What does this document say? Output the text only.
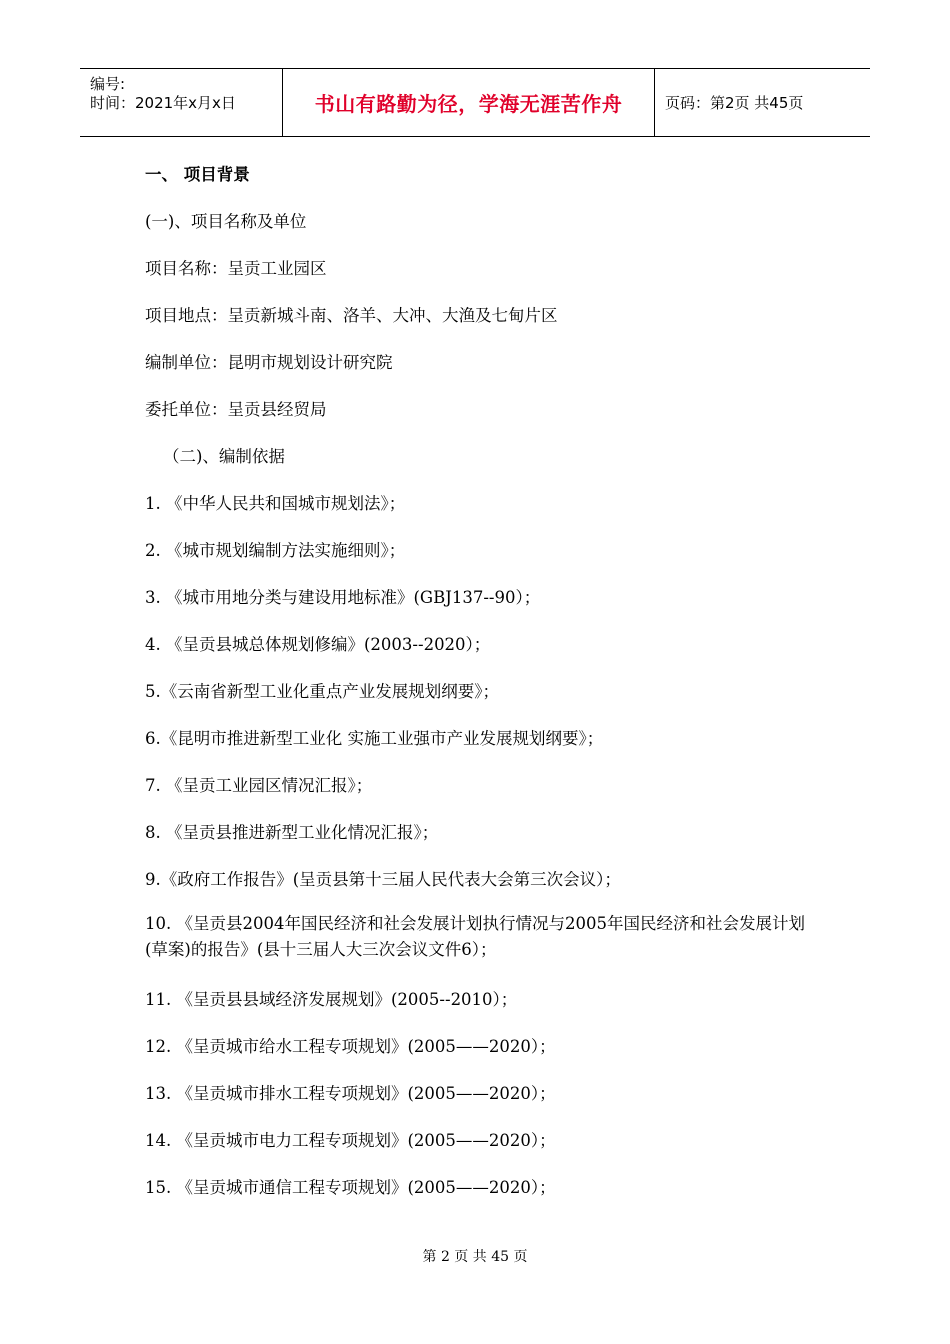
编号:
时间：2021年x月x日	书山有路勤为径，学海无涯苦作舟	页码：第2页 共45页
一、 项目背景
(一)、项目名称及单位
项目名称：呈贡工业园区
项目地点：呈贡新城斗南、洛羊、大冲、大渔及七甸片区
编制单位：昆明市规划设计研究院
委托单位：呈贡县经贸局
（二)、编制依据
1. 《中华人民共和国城市规划法》；
2. 《城市规划编制方法实施细则》；
3. 《城市用地分类与建设用地标准》(GBJ137--90）；
4. 《呈贡县城总体规划修编》(2003--2020）；
5.《云南省新型工业化重点产业发展规划纲要》；
6.《昆明市推进新型工业化 实施工业强市产业发展规划纲要》；
7. 《呈贡工业园区情况汇报》；
8. 《呈贡县推进新型工业化情况汇报》；
9.《政府工作报告》(呈贡县第十三届人民代表大会第三次会议）；
10. 《呈贡县2004年国民经济和社会发展计划执行情况与2005年国民经济和社会发展计划(草案)的报告》(县十三届人大三次会议文件6）；
11. 《呈贡县县域经济发展规划》(2005--2010）；
12. 《呈贡城市给水工程专项规划》(2005——2020）；
13. 《呈贡城市排水工程专项规划》(2005——2020）；
14. 《呈贡城市电力工程专项规划》(2005——2020）；
15. 《呈贡城市通信工程专项规划》(2005——2020）；
第 2 页 共 45 页
